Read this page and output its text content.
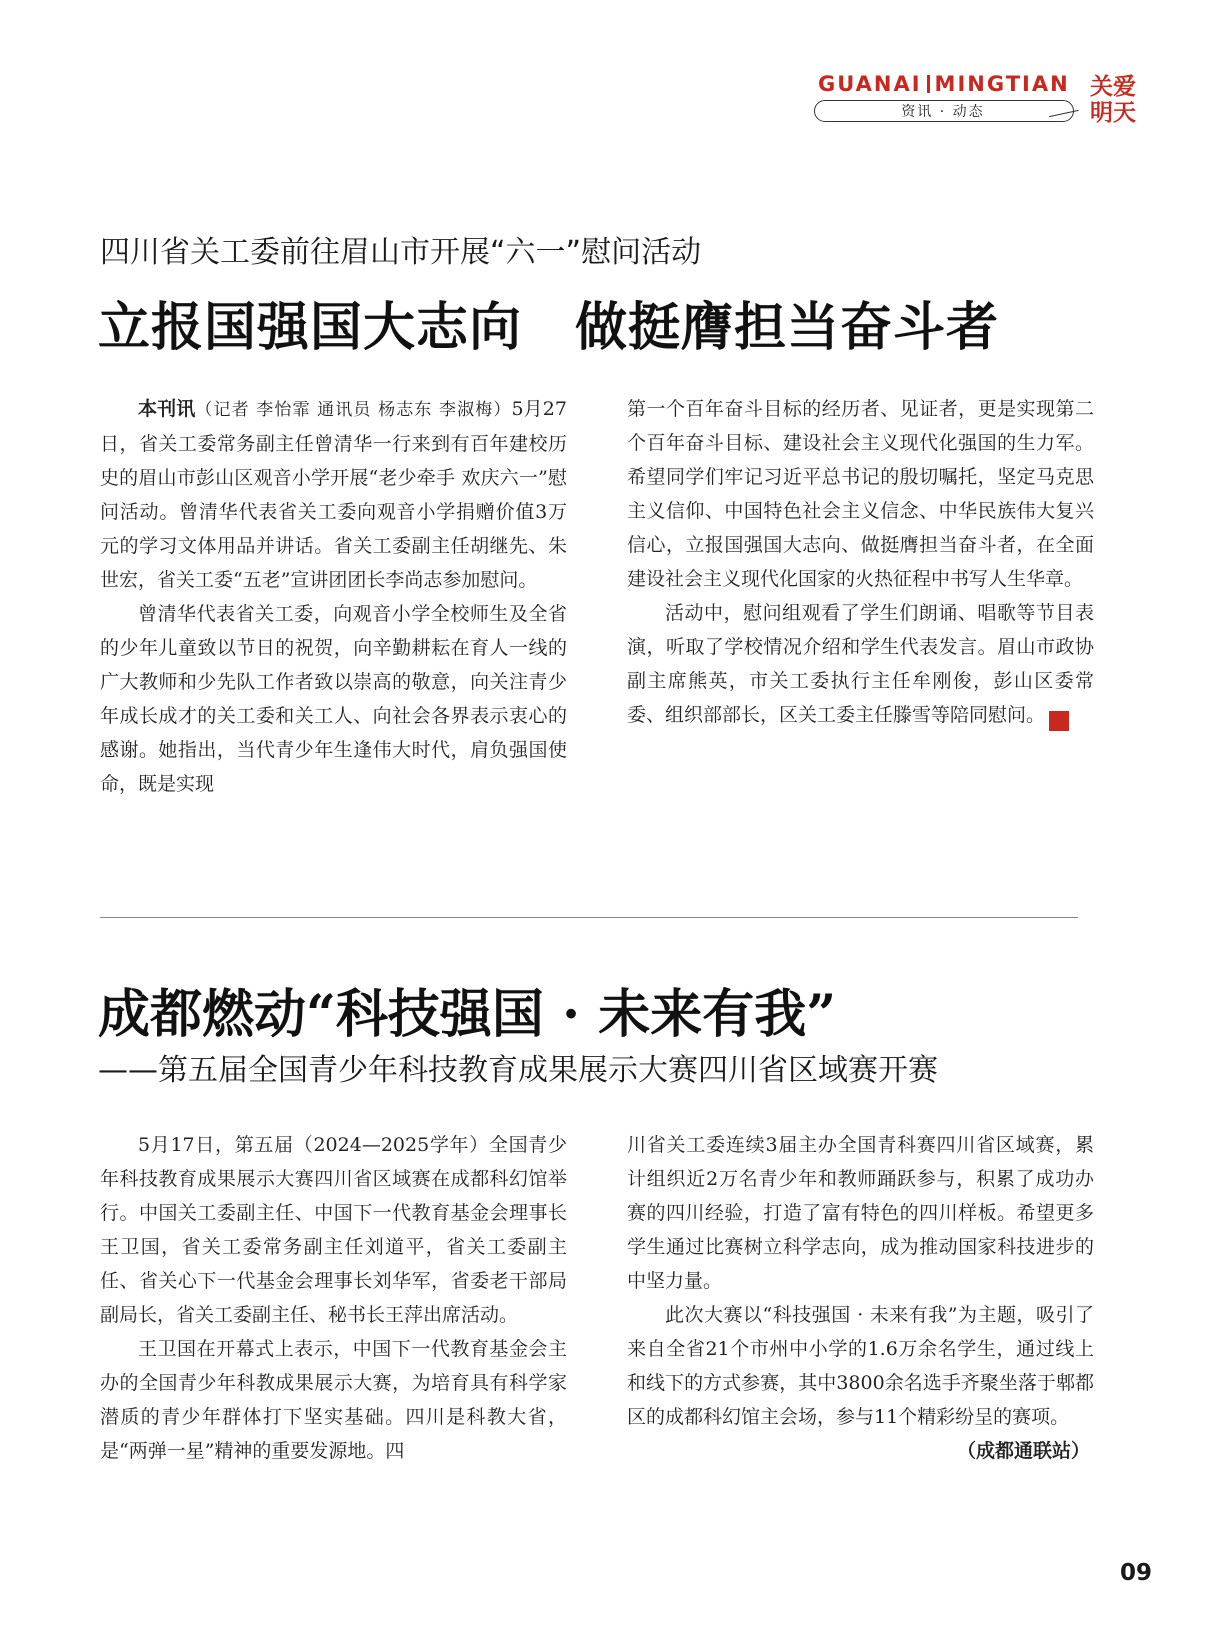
GUANAI MINGTIAN
资讯 · 动态
关爱
明天
四川省关工委前往眉山市开展“六一”慰问活动
立报国强国大志向　做挺膺担当奋斗者

本刊讯（记者 李怡霏 通讯员 杨志东 李淑梅）5月27日，省关工委常务副主任曾清华一行来到有百年建校历史的眉山市彭山区观音小学开展“老少牵手 欢庆六一”慰问活动。曾清华代表省关工委向观音小学捐赠价值3万元的学习文体用品并讲话。省关工委副主任胡继先、朱世宏，省关工委“五老”宣讲团团长李尚志参加慰问。

曾清华代表省关工委，向观音小学全校师生及全省的少年儿童致以节日的祝贺，向辛勤耕耘在育人一线的广大教师和少先队工作者致以崇高的敬意，向关注青少年成长成才的关工委和关工人、向社会各界表示衷心的感谢。她指出，当代青少年生逢伟大时代，肩负强国使命，既是实现

第一个百年奋斗目标的经历者、见证者，更是实现第二个百年奋斗目标、建设社会主义现代化强国的生力军。希望同学们牢记习近平总书记的殷切嘱托，坚定马克思主义信仰、中国特色社会主义信念、中华民族伟大复兴信心，立报国强国大志向、做挺膺担当奋斗者，在全面建设社会主义现代化国家的火热征程中书写人生华章。

活动中，慰问组观看了学生们朗诵、唱歌等节目表演，听取了学校情况介绍和学生代表发言。眉山市政协副主席熊英，市关工委执行主任牟刚俊，彭山区委常委、组织部部长，区关工委主任滕雪等陪同慰问。	关

成都燃动“科技强国 · 未来有我”
——第五届全国青少年科技教育成果展示大赛四川省区域赛开赛

5月17日，第五届（2024—2025学年）全国青少年科技教育成果展示大赛四川省区域赛在成都科幻馆举行。中国关工委副主任、中国下一代教育基金会理事长王卫国，省关工委常务副主任刘道平，省关工委副主任、省关心下一代基金会理事长刘华军，省委老干部局副局长，省关工委副主任、秘书长王萍出席活动。

王卫国在开幕式上表示，中国下一代教育基金会主办的全国青少年科教成果展示大赛，为培育具有科学家潜质的青少年群体打下坚实基础。四川是科教大省，是“两弹一星”精神的重要发源地。四

川省关工委连续3届主办全国青科赛四川省区域赛，累计组织近2万名青少年和教师踊跃参与，积累了成功办赛的四川经验，打造了富有特色的四川样板。希望更多学生通过比赛树立科学志向，成为推动国家科技进步的中坚力量。

此次大赛以“科技强国 · 未来有我”为主题，吸引了来自全省21个市州中小学的1.6万余名学生，通过线上和线下的方式参赛，其中3800余名选手齐聚坐落于郫都区的成都科幻馆主会场，参与11个精彩纷呈的赛项。

（成都通联站）

09
